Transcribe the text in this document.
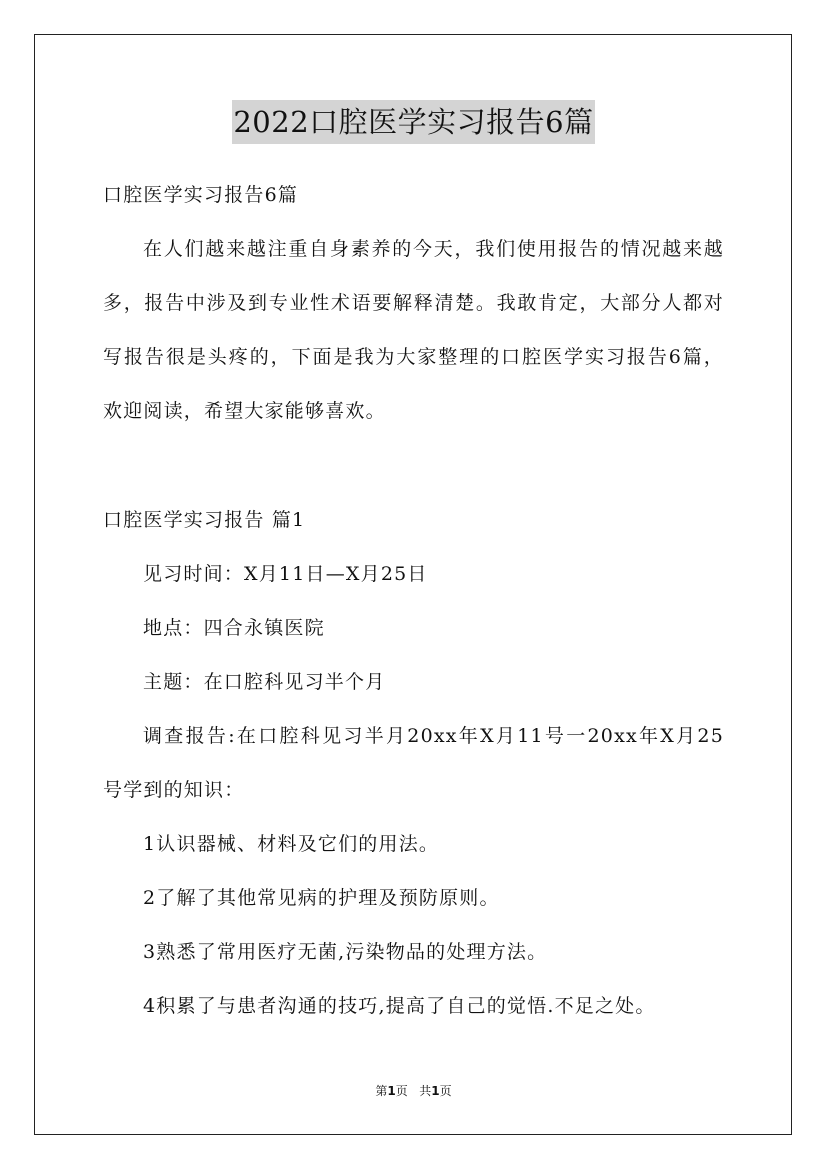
2022口腔医学实习报告6篇
口腔医学实习报告6篇
在人们越来越注重自身素养的今天，我们使用报告的情况越来越
多，报告中涉及到专业性术语要解释清楚。我敢肯定，大部分人都对
写报告很是头疼的，下面是我为大家整理的口腔医学实习报告6篇，
欢迎阅读，希望大家能够喜欢。
口腔医学实习报告 篇1
见习时间：X月11日—X月25日
地点：四合永镇医院
主题：在口腔科见习半个月
调查报告:在口腔科见习半月20xx年X月11号一20xx年X月25
号学到的知识：
1认识器械、材料及它们的用法。
2了解了其他常见病的护理及预防原则。
3熟悉了常用医疗无菌,污染物品的处理方法。
4积累了与患者沟通的技巧,提高了自己的觉悟.不足之处。
第1页 共1页
